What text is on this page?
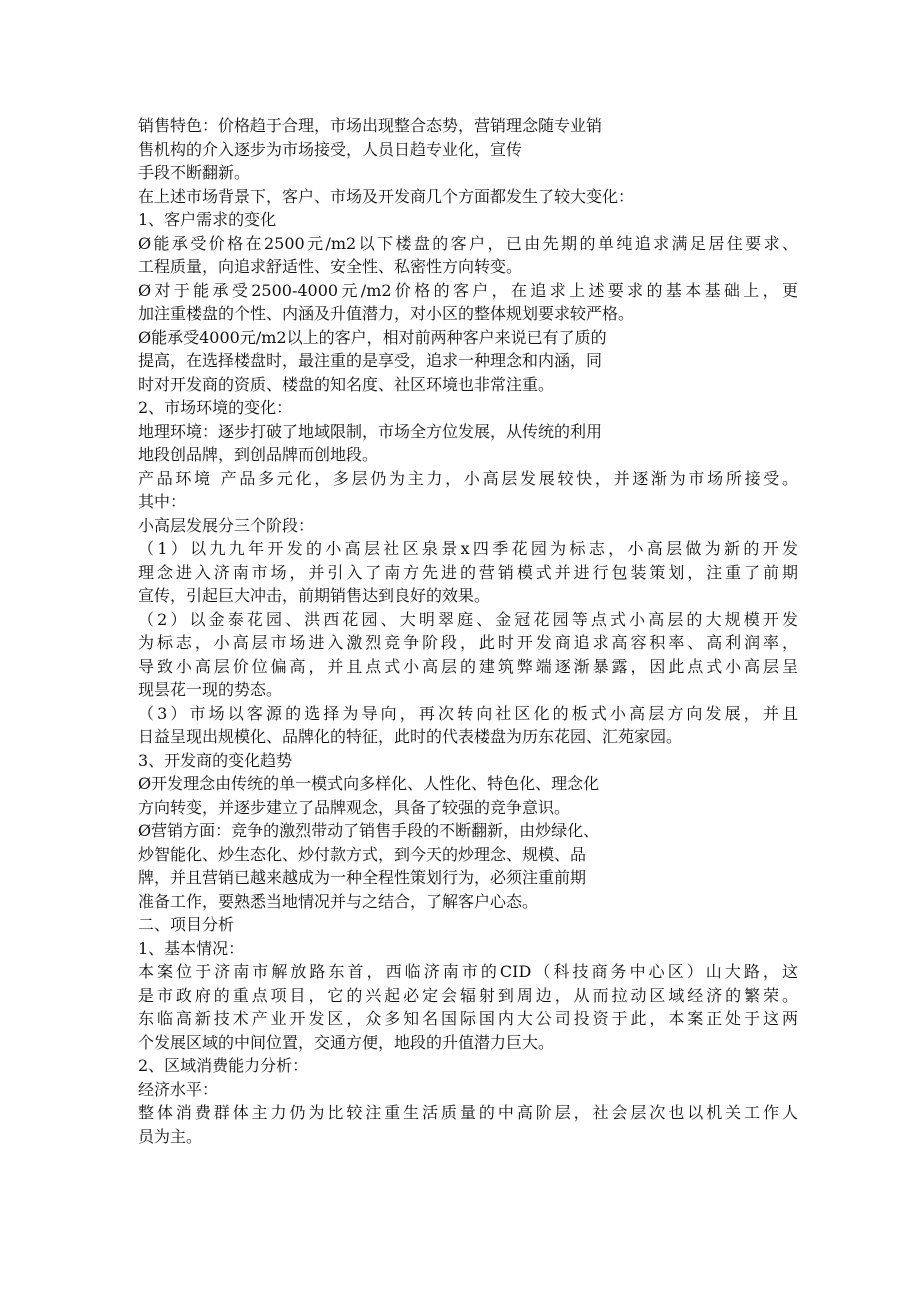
销售特色：价格趋于合理，市场出现整合态势，营销理念随专业销
售机构的介入逐步为市场接受，人员日趋专业化，宣传
手段不断翻新。
在上述市场背景下，客户、市场及开发商几个方面都发生了较大变化：
1、客户需求的变化
Ø能承受价格在2500元/m2以下楼盘的客户，已由先期的单纯追求满足居住要求、
工程质量，向追求舒适性、安全性、私密性方向转变。
Ø对于能承受2500-4000元/m2价格的客户，在追求上述要求的基本基础上，更
加注重楼盘的个性、内涵及升值潜力，对小区的整体规划要求较严格。
Ø能承受4000元/m2以上的客户，相对前两种客户来说已有了质的
提高，在选择楼盘时，最注重的是享受，追求一种理念和内涵，同
时对开发商的资质、楼盘的知名度、社区环境也非常注重。
2、市场环境的变化：
地理环境：逐步打破了地域限制，市场全方位发展，从传统的利用
地段创品牌，到创品牌而创地段。
产品环境 产品多元化，多层仍为主力，小高层发展较快，并逐渐为市场所接受。
其中：
小高层发展分三个阶段：
（1）以九九年开发的小高层社区泉景x四季花园为标志，小高层做为新的开发
理念进入济南市场，并引入了南方先进的营销模式并进行包装策划，注重了前期
宣传，引起巨大冲击，前期销售达到良好的效果。
（2）以金泰花园、洪西花园、大明翠庭、金冠花园等点式小高层的大规模开发
为标志，小高层市场进入激烈竞争阶段，此时开发商追求高容积率、高利润率，
导致小高层价位偏高，并且点式小高层的建筑弊端逐渐暴露，因此点式小高层呈
现昙花一现的势态。
（3）市场以客源的选择为导向，再次转向社区化的板式小高层方向发展，并且
日益呈现出规模化、品牌化的特征，此时的代表楼盘为历东花园、汇苑家园。
3、开发商的变化趋势
Ø开发理念由传统的单一模式向多样化、人性化、特色化、理念化
方向转变，并逐步建立了品牌观念，具备了较强的竞争意识。
Ø营销方面：竞争的激烈带动了销售手段的不断翻新，由炒绿化、
炒智能化、炒生态化、炒付款方式，到今天的炒理念、规模、品
牌，并且营销已越来越成为一种全程性策划行为，必须注重前期
准备工作，要熟悉当地情况并与之结合，了解客户心态。
二、项目分析
1、基本情况：
本案位于济南市解放路东首，西临济南市的CID（科技商务中心区）山大路，这
是市政府的重点项目，它的兴起必定会辐射到周边，从而拉动区域经济的繁荣。
东临高新技术产业开发区，众多知名国际国内大公司投资于此，本案正处于这两
个发展区域的中间位置，交通方便，地段的升值潜力巨大。
2、区域消费能力分析：
经济水平：
整体消费群体主力仍为比较注重生活质量的中高阶层，社会层次也以机关工作人
员为主。
